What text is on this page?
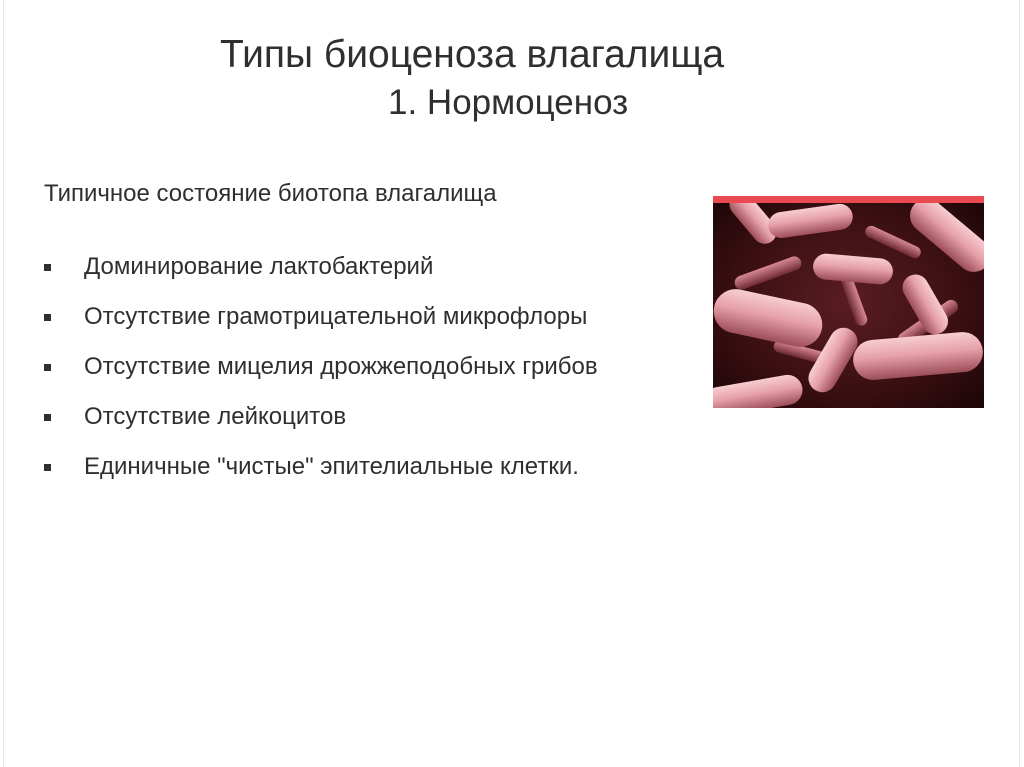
Типы биоценоза влагалища
1. Нормоценоз
Типичное состояние биотопа влагалища
Доминирование лактобактерий
Отсутствие грамотрицательной микрофлоры
Отсутствие мицелия дрожжеподобных грибов
Отсутствие лейкоцитов
Единичные "чистые" эпителиальные клетки.
